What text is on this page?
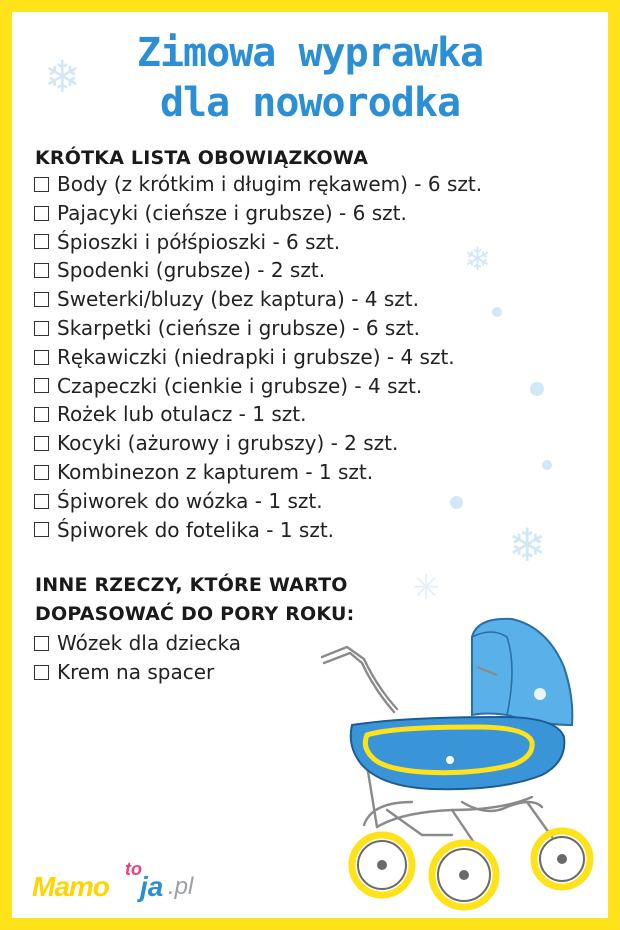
❄
❄
❄
✳
Zimowa wyprawka
dla noworodka
KRÓTKA LISTA OBOWIĄZKOWA
Body (z krótkim i długim rękawem) - 6 szt.
Pajacyki (cieńsze i grubsze) - 6 szt.
Śpioszki i półśpioszki - 6 szt.
Spodenki (grubsze) - 2 szt.
Sweterki/bluzy (bez kaptura) - 4 szt.
Skarpetki (cieńsze i grubsze) - 6 szt.
Rękawiczki (niedrapki i grubsze) - 4 szt.
Czapeczki (cienkie i grubsze) - 4 szt.
Rożek lub otulacz - 1 szt.
Kocyki (ażurowy i grubszy) - 2 szt.
Kombinezon z kapturem - 1 szt.
Śpiworek do wózka - 1 szt.
Śpiworek do fotelika - 1 szt.
INNE RZECZY, KTÓRE WARTO
DOPASOWAĆ DO PORY ROKU:
Wózek dla dziecka
Krem na spacer
Mamo
to
ja .pl
